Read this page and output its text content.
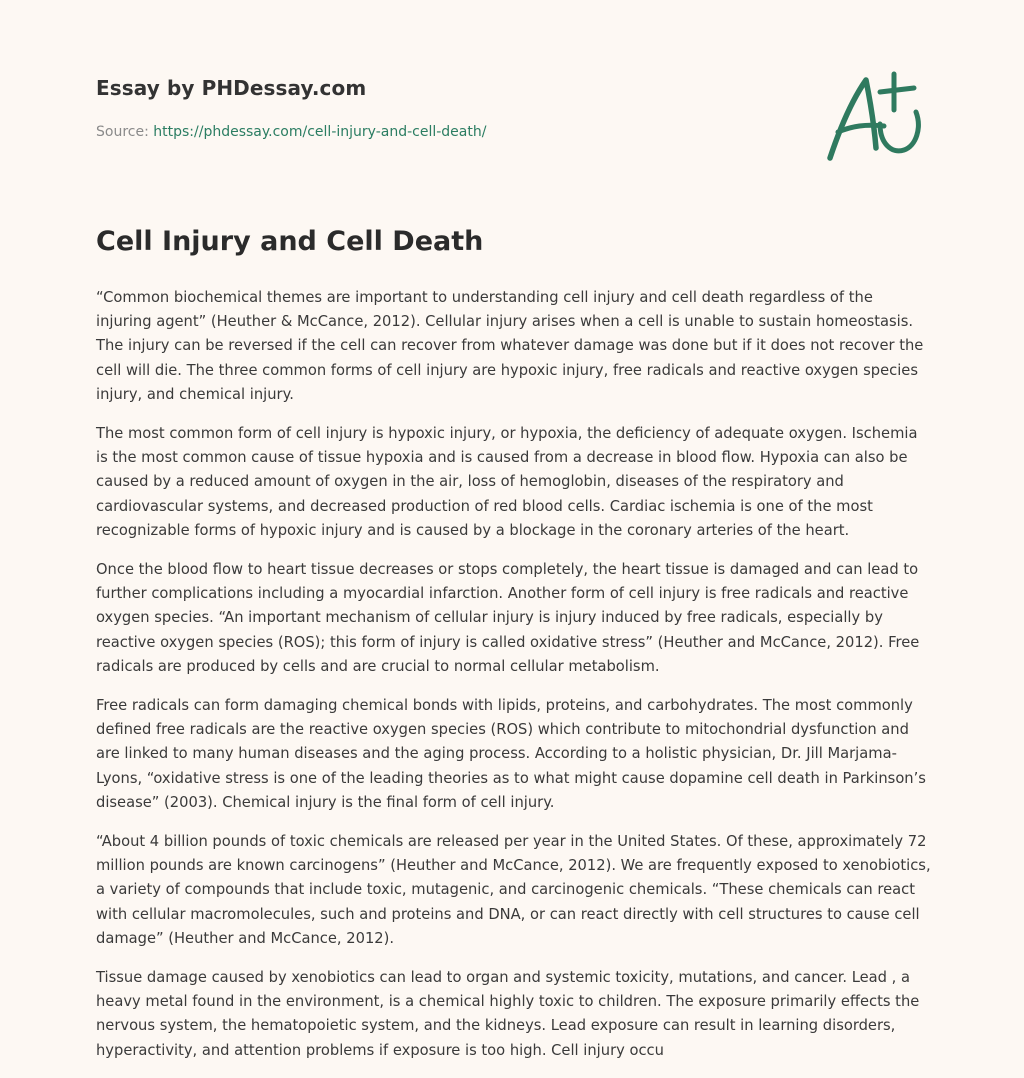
Essay by PHDessay.com
Source: https://phdessay.com/cell-injury-and-cell-death/
Cell Injury and Cell Death

“Common biochemical themes are important to understanding cell injury and cell death regardless of the injuring agent” (Heuther & McCance, 2012). Cellular injury arises when a cell is unable to sustain homeostasis. The injury can be reversed if the cell can recover from whatever damage was done but if it does not recover the cell will die. The three common forms of cell injury are hypoxic injury, free radicals and reactive oxygen species injury, and chemical injury.

The most common form of cell injury is hypoxic injury, or hypoxia, the deficiency of adequate oxygen. Ischemia is the most common cause of tissue hypoxia and is caused from a decrease in blood flow. Hypoxia can also be caused by a reduced amount of oxygen in the air, loss of hemoglobin, diseases of the respiratory and cardiovascular systems, and decreased production of red blood cells. Cardiac ischemia is one of the most recognizable forms of hypoxic injury and is caused by a blockage in the coronary arteries of the heart.

Once the blood flow to heart tissue decreases or stops completely, the heart tissue is damaged and can lead to further complications including a myocardial infarction. Another form of cell injury is free radicals and reactive oxygen species. “An important mechanism of cellular injury is injury induced by free radicals, especially by reactive oxygen species (ROS); this form of injury is called oxidative stress” (Heuther and McCance, 2012). Free radicals are produced by cells and are crucial to normal cellular metabolism.

Free radicals can form damaging chemical bonds with lipids, proteins, and carbohydrates. The most commonly defined free radicals are the reactive oxygen species (ROS) which contribute to mitochondrial dysfunction and are linked to many human diseases and the aging process. According to a holistic physician, Dr. Jill Marjama-Lyons, “oxidative stress is one of the leading theories as to what might cause dopamine cell death in Parkinson’s disease” (2003). Chemical injury is the final form of cell injury.

“About 4 billion pounds of toxic chemicals are released per year in the United States. Of these, approximately 72 million pounds are known carcinogens” (Heuther and McCance, 2012). We are frequently exposed to xenobiotics, a variety of compounds that include toxic, mutagenic, and carcinogenic chemicals. “These chemicals can react with cellular macromolecules, such and proteins and DNA, or can react directly with cell structures to cause cell damage” (Heuther and McCance, 2012).

Tissue damage caused by xenobiotics can lead to organ and systemic toxicity, mutations, and cancer. Lead , a heavy metal found in the environment, is a chemical highly toxic to children. The exposure primarily effects the nervous system, the hematopoietic system, and the kidneys. Lead exposure can result in learning disorders, hyperactivity, and attention problems if exposure is too high. Cell injury occu
